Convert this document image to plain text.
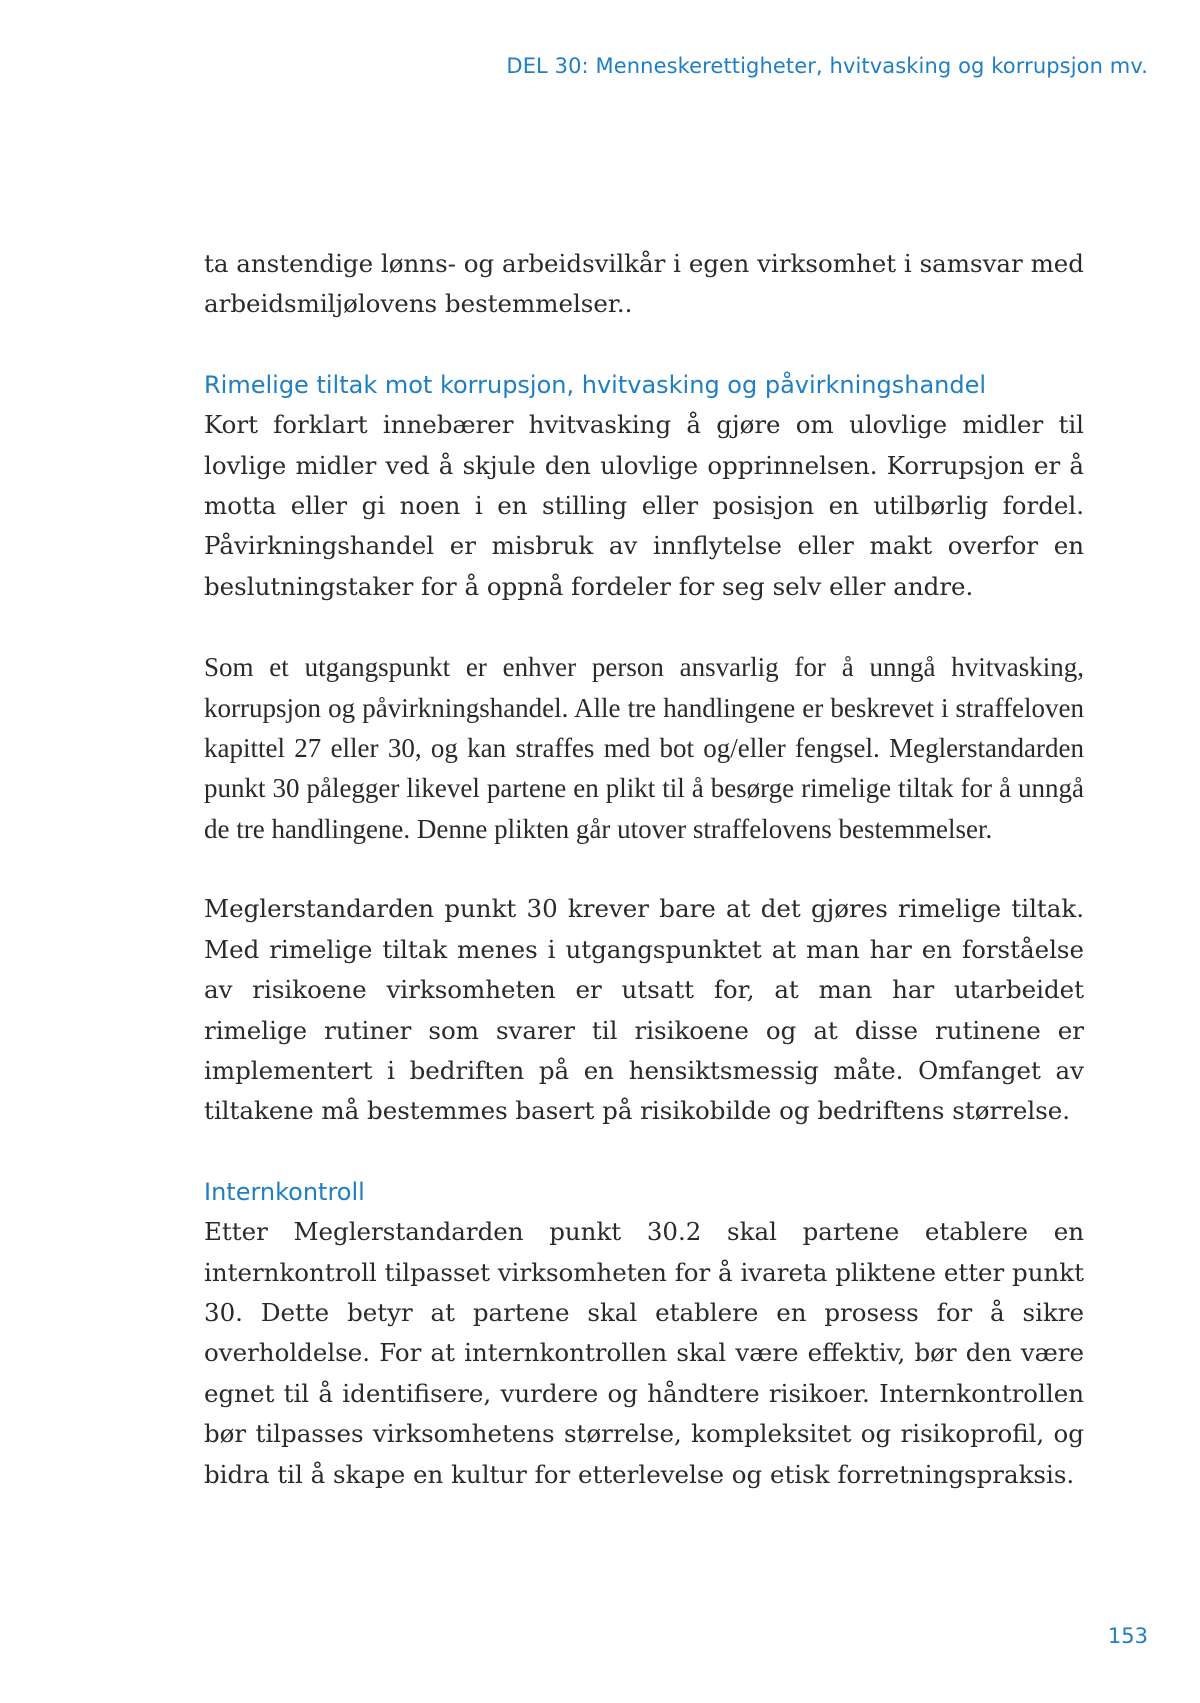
DEL 30: Menneskerettigheter, hvitvasking og korrupsjon mv.

ta anstendige lønns- og arbeidsvilkår i egen virksomhet i samsvar med arbeidsmiljølovens bestemmelser..

Rimelige tiltak mot korrupsjon, hvitvasking og påvirkningshandel

Kort forklart innebærer hvitvasking å gjøre om ulovlige midler til lovlige midler ved å skjule den ulovlige opprinnelsen. Korrupsjon er å motta eller gi noen i en stilling eller posisjon en utilbørlig fordel. Påvirkningshandel er misbruk av innflytelse eller makt overfor en beslutningstaker for å oppnå fordeler for seg selv eller andre.

Som et utgangspunkt er enhver person ansvarlig for å unngå hvitvasking, korrupsjon og påvirkningshandel. Alle tre handlingene er beskrevet i straffeloven kapittel 27 eller 30, og kan straffes med bot og/eller fengsel. Meglerstandarden punkt 30 pålegger likevel partene en plikt til å besørge rimelige tiltak for å unngå de tre handlingene. Denne plikten går utover straffelovens bestemmelser.

Meglerstandarden punkt 30 krever bare at det gjøres rimelige tiltak. Med rimelige tiltak menes i utgangspunktet at man har en forståelse av risikoene virksomheten er utsatt for, at man har utarbeidet rimelige rutiner som svarer til risikoene og at disse rutinene er implementert i bedriften på en hensiktsmessig måte. Omfanget av tiltakene må bestemmes basert på risikobilde og bedriftens størrelse.

Internkontroll

Etter Meglerstandarden punkt 30.2 skal partene etablere en internkontroll tilpasset virksomheten for å ivareta pliktene etter punkt 30. Dette betyr at partene skal etablere en prosess for å sikre overholdelse. For at internkontrollen skal være effektiv, bør den være egnet til å identifisere, vurdere og håndtere risikoer. Internkontrollen bør tilpasses virksomhetens størrelse, kompleksitet og risikoprofil, og bidra til å skape en kultur for etterlevelse og etisk forretningspraksis.

153
